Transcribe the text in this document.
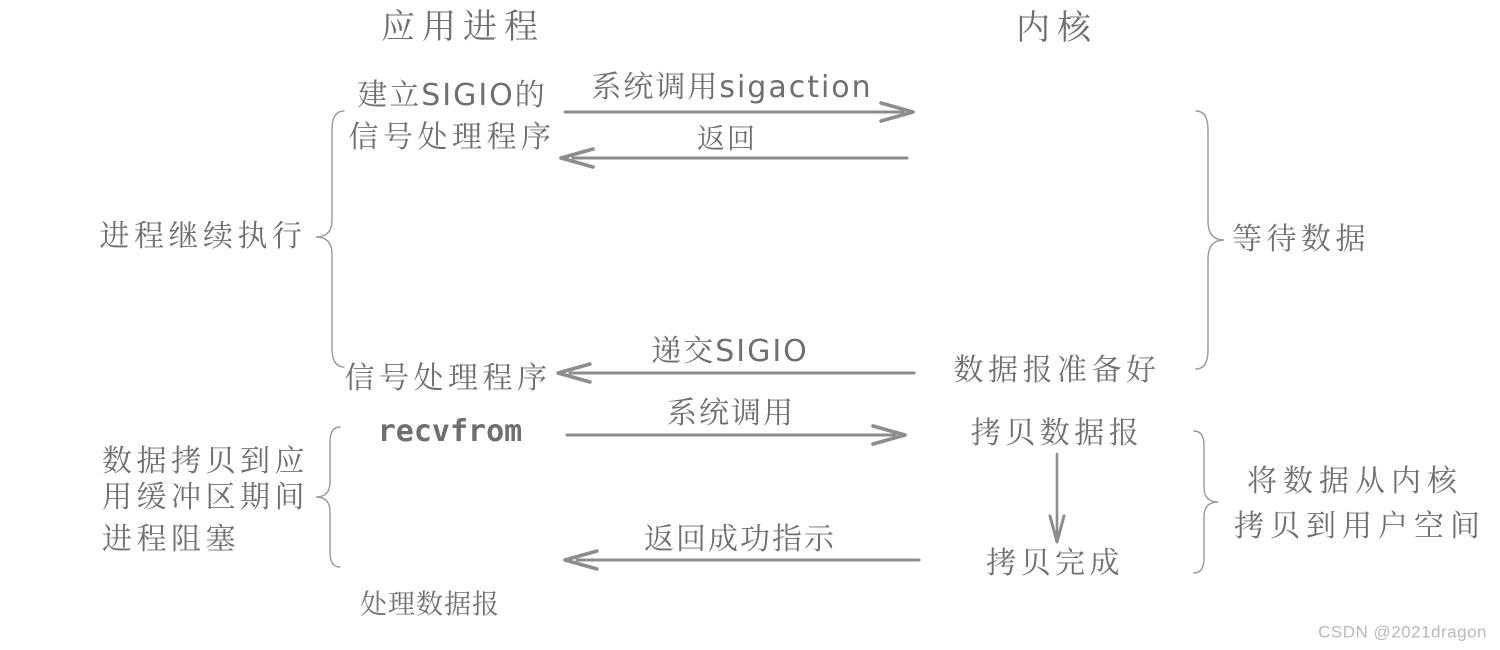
应用进程	内核
建立SIGIO的
信号处理程序
系统调用sigaction
返回
进程继续执行	等待数据
信号处理程序
递交SIGIO
数据报准备好
recvfrom
系统调用
拷贝数据报
拷贝完成
将数据从内核
拷贝到用户空间
数据拷贝到应
用缓冲区期间
进程阻塞	返回成功指示
处理数据报
CSDN @2021dragon
